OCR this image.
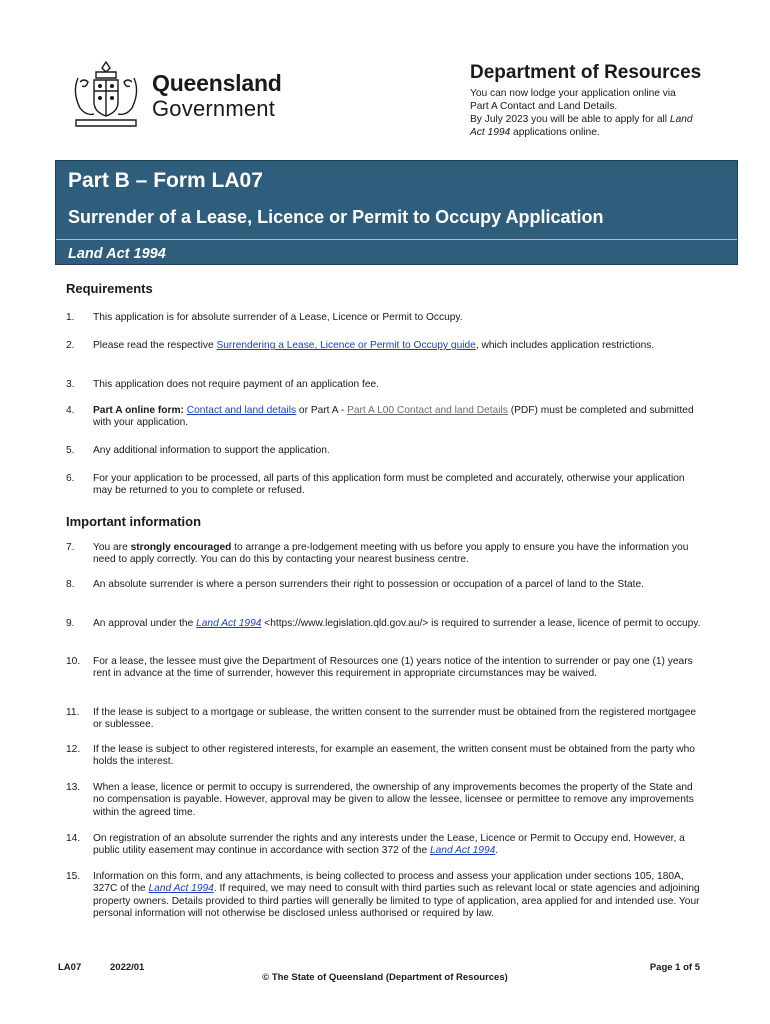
Queensland
Government
Department of Resources
You can now lodge your application online via
Part A Contact and Land Details.
By July 2023 you will be able to apply for all Land
Act 1994 applications online.
Part B – Form LA07
Surrender of a Lease, Licence or Permit to Occupy Application
Land Act 1994
Requirements
1.	This application is for absolute surrender of a Lease, Licence or Permit to Occupy.
2.	Please read the respective Surrendering a Lease, Licence or Permit to Occupy guide, which includes application restrictions.
3.	This application does not require payment of an application fee.
4.	Part A online form: Contact and land details or Part A - Part A L00 Contact and land Details (PDF) must be completed and submitted with your application.
5.	Any additional information to support the application.
6.	For your application to be processed, all parts of this application form must be completed and accurately, otherwise your application may be returned to you to complete or refused.
Important information
7.	You are strongly encouraged to arrange a pre-lodgement meeting with us before you apply to ensure you have the information you need to apply correctly. You can do this by contacting your nearest business centre.
8.	An absolute surrender is where a person surrenders their right to possession or occupation of a parcel of land to the State.
9.	An approval under the Land Act 1994 <https://www.legislation.qld.gov.au/> is required to surrender a lease, licence of permit to occupy.
10.	For a lease, the lessee must give the Department of Resources one (1) years notice of the intention to surrender or pay one (1) years rent in advance at the time of surrender, however this requirement in appropriate circumstances may be waived.
11.	If the lease is subject to a mortgage or sublease, the written consent to the surrender must be obtained from the registered mortgagee or sublessee.
12.	If the lease is subject to other registered interests, for example an easement, the written consent must be obtained from the party who holds the interest.
13.	When a lease, licence or permit to occupy is surrendered, the ownership of any improvements becomes the property of the State and no compensation is payable. However, approval may be given to allow the lessee, licensee or permittee to remove any improvements within the agreed time.
14.	On registration of an absolute surrender the rights and any interests under the Lease, Licence or Permit to Occupy end. However, a public utility easement may continue in accordance with section 372 of the Land Act 1994.
15.	Information on this form, and any attachments, is being collected to process and assess your application under sections 105, 180A, 327C of the Land Act 1994. If required, we may need to consult with third parties such as relevant local or state agencies and adjoining property owners. Details provided to third parties will generally be limited to type of application, area applied for and intended use. Your personal information will not otherwise be disclosed unless authorised or required by law.
LA07	2022/01
© The State of Queensland (Department of Resources)
Page 1 of 5
